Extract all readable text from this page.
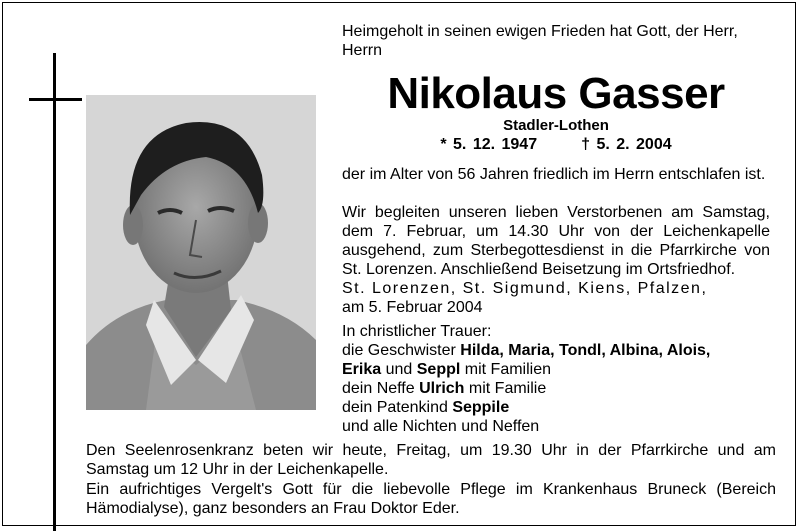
Heimgeholt in seinen ewigen Frieden hat Gott, der Herr, Herrn
Nikolaus Gasser
Stadler-Lothen
* 5. 12. 1947	† 5. 2. 2004
der im Alter von 56 Jahren friedlich im Herrn entschlafen ist.
Wir begleiten unseren lieben Verstorbenen am Samstag, dem 7. Februar, um 14.30 Uhr von der Leichenkapelle ausgehend, zum Sterbegottesdienst in die Pfarrkirche von St. Lorenzen. Anschließend Beisetzung im Ortsfriedhof.
St. Lorenzen, St. Sigmund, Kiens, Pfalzen,
am 5. Februar 2004
In christlicher Trauer:
die Geschwister Hilda, Maria, Tondl, Albina, Alois,
Erika und Seppl mit Familien
dein Neffe Ulrich mit Familie
dein Patenkind Seppile
und alle Nichten und Neffen
Den Seelenrosenkranz beten wir heute, Freitag, um 19.30 Uhr in der Pfarrkirche und am Samstag um 12 Uhr in der Leichenkapelle.
Ein aufrichtiges Vergelt's Gott für die liebevolle Pflege im Krankenhaus Bruneck (Bereich Hämodialyse), ganz besonders an Frau Doktor Eder.
